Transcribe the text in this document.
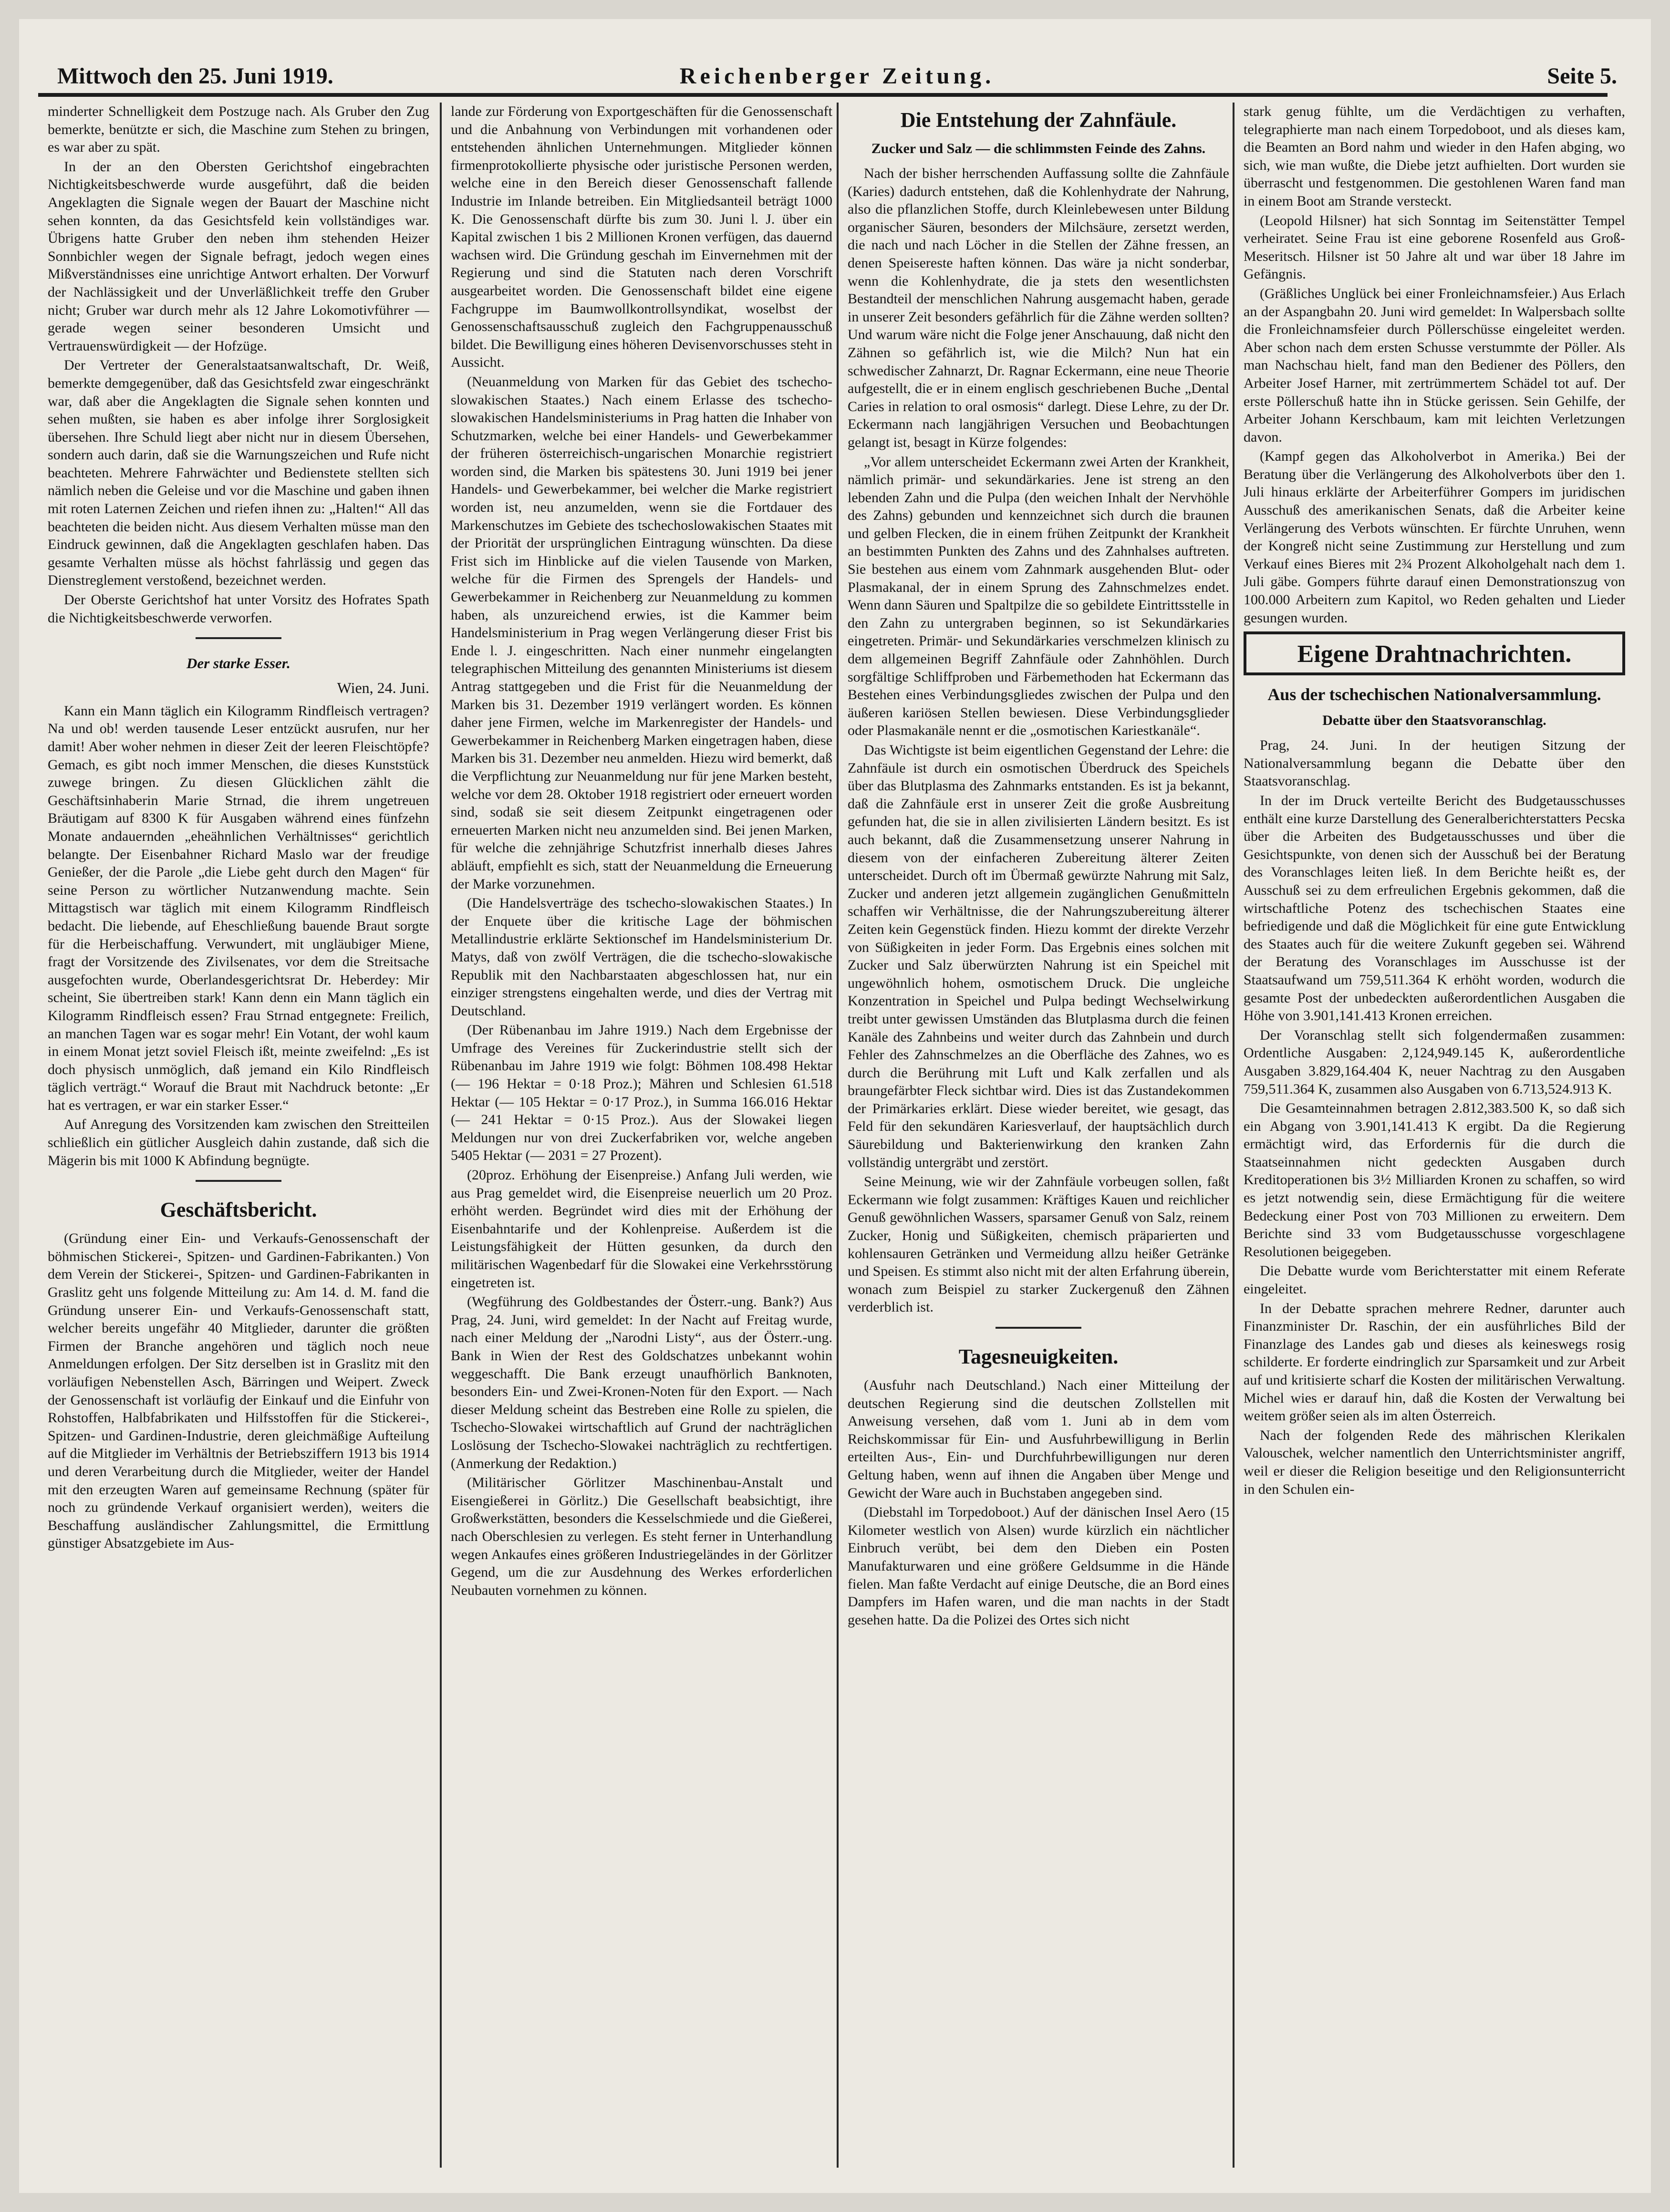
Mittwoch den 25. Juni 1919.	Reichenberger Zeitung.	Seite 5.

minderter Schnelligkeit dem Postzuge nach. Als Gruber den Zug bemerkte, benützte er sich, die Maschine zum Stehen zu bringen, es war aber zu spät.

In der an den Obersten Gerichtshof eingebrachten Nichtigkeitsbeschwerde wurde ausgeführt, daß die beiden Angeklagten die Signale wegen der Bauart der Maschine nicht sehen konnten, da das Gesichtsfeld kein vollständiges war. Übrigens hatte Gruber den neben ihm stehenden Heizer Sonnbichler wegen der Signale befragt, jedoch wegen eines Mißverständnisses eine unrichtige Antwort erhalten. Der Vorwurf der Nachlässigkeit und der Unverläßlichkeit treffe den Gruber nicht; Gruber war durch mehr als 12 Jahre Lokomotivführer — gerade wegen seiner besonderen Umsicht und Vertrauenswürdigkeit — der Hofzüge.

Der Vertreter der Generalstaatsanwaltschaft, Dr. Weiß, bemerkte demgegenüber, daß das Gesichtsfeld zwar eingeschränkt war, daß aber die Angeklagten die Signale sehen konnten und sehen mußten, sie haben es aber infolge ihrer Sorglosigkeit übersehen. Ihre Schuld liegt aber nicht nur in diesem Übersehen, sondern auch darin, daß sie die Warnungszeichen und Rufe nicht beachteten. Mehrere Fahrwächter und Bedienstete stellten sich nämlich neben die Geleise und vor die Maschine und gaben ihnen mit roten Laternen Zeichen und riefen ihnen zu: „Halten!“ All das beachteten die beiden nicht. Aus diesem Verhalten müsse man den Eindruck gewinnen, daß die Angeklagten geschlafen haben. Das gesamte Verhalten müsse als höchst fahrlässig und gegen das Dienstreglement verstoßend, bezeichnet werden.

Der Oberste Gerichtshof hat unter Vorsitz des Hofrates Spath die Nichtigkeitsbeschwerde verworfen.

Der starke Esser.
Wien, 24. Juni.

Kann ein Mann täglich ein Kilogramm Rindfleisch vertragen? Na und ob! werden tausende Leser entzückt ausrufen, nur her damit! Aber woher nehmen in dieser Zeit der leeren Fleischtöpfe? Gemach, es gibt noch immer Menschen, die dieses Kunststück zuwege bringen. Zu diesen Glücklichen zählt die Geschäftsinhaberin Marie Strnad, die ihrem ungetreuen Bräutigam auf 8300 K für Ausgaben während eines fünfzehn Monate andauernden „eheähnlichen Verhältnisses“ gerichtlich belangte. Der Eisenbahner Richard Maslo war der freudige Genießer, der die Parole „die Liebe geht durch den Magen“ für seine Person zu wörtlicher Nutzanwendung machte. Sein Mittagstisch war täglich mit einem Kilogramm Rindfleisch bedacht. Die liebende, auf Eheschließung bauende Braut sorgte für die Herbeischaffung. Verwundert, mit ungläubiger Miene, fragt der Vorsitzende des Zivilsenates, vor dem die Streitsache ausgefochten wurde, Oberlandesgerichtsrat Dr. Heberdey: Mir scheint, Sie übertreiben stark! Kann denn ein Mann täglich ein Kilogramm Rindfleisch essen? Frau Strnad entgegnete: Freilich, an manchen Tagen war es sogar mehr! Ein Votant, der wohl kaum in einem Monat jetzt soviel Fleisch ißt, meinte zweifelnd: „Es ist doch physisch unmöglich, daß jemand ein Kilo Rindfleisch täglich verträgt.“ Worauf die Braut mit Nachdruck betonte: „Er hat es vertragen, er war ein starker Esser.“

Auf Anregung des Vorsitzenden kam zwischen den Streitteilen schließlich ein gütlicher Ausgleich dahin zustande, daß sich die Mägerin bis mit 1000 K Abfindung begnügte.

Geschäftsbericht.

(Gründung einer Ein- und Verkaufs-Genossenschaft der böhmischen Stickerei-, Spitzen- und Gardinen-Fabrikanten.) Von dem Verein der Stickerei-, Spitzen- und Gardinen-Fabrikanten in Graslitz geht uns folgende Mitteilung zu: Am 14. d. M. fand die Gründung unserer Ein- und Verkaufs-Genossenschaft statt, welcher bereits ungefähr 40 Mitglieder, darunter die größten Firmen der Branche angehören und täglich noch neue Anmeldungen erfolgen. Der Sitz derselben ist in Graslitz mit den vorläufigen Nebenstellen Asch, Bärringen und Weipert. Zweck der Genossenschaft ist vorläufig der Einkauf und die Einfuhr von Rohstoffen, Halbfabrikaten und Hilfsstoffen für die Stickerei-, Spitzen- und Gardinen-Industrie, deren gleichmäßige Aufteilung auf die Mitglieder im Verhältnis der Betriebsziffern 1913 bis 1914 und deren Verarbeitung durch die Mitglieder, weiter der Handel mit den erzeugten Waren auf gemeinsame Rechnung (später für noch zu gründende Verkauf organisiert werden), weiters die Beschaffung ausländischer Zahlungsmittel, die Ermittlung günstiger Absatzgebiete im Aus-

lande zur Förderung von Exportgeschäften für die Genossenschaft und die Anbahnung von Verbindungen mit vorhandenen oder entstehenden ähnlichen Unternehmungen. Mitglieder können firmenprotokollierte physische oder juristische Personen werden, welche eine in den Bereich dieser Genossenschaft fallende Industrie im Inlande betreiben. Ein Mitgliedsanteil beträgt 1000 K. Die Genossenschaft dürfte bis zum 30. Juni l. J. über ein Kapital zwischen 1 bis 2 Millionen Kronen verfügen, das dauernd wachsen wird. Die Gründung geschah im Einvernehmen mit der Regierung und sind die Statuten nach deren Vorschrift ausgearbeitet worden. Die Genossenschaft bildet eine eigene Fachgruppe im Baumwollkontrollsyndikat, woselbst der Genossenschaftsausschuß zugleich den Fachgruppenausschuß bildet. Die Bewilligung eines höheren Devisenvorschusses steht in Aussicht.

(Neuanmeldung von Marken für das Gebiet des tschecho-slowakischen Staates.) Nach einem Erlasse des tschecho-slowakischen Handelsministeriums in Prag hatten die Inhaber von Schutzmarken, welche bei einer Handels- und Gewerbekammer der früheren österreichisch-ungarischen Monarchie registriert worden sind, die Marken bis spätestens 30. Juni 1919 bei jener Handels- und Gewerbekammer, bei welcher die Marke registriert worden ist, neu anzumelden, wenn sie die Fortdauer des Markenschutzes im Gebiete des tschechoslowakischen Staates mit der Priorität der ursprünglichen Eintragung wünschten. Da diese Frist sich im Hinblicke auf die vielen Tausende von Marken, welche für die Firmen des Sprengels der Handels- und Gewerbekammer in Reichenberg zur Neuanmeldung zu kommen haben, als unzureichend erwies, ist die Kammer beim Handelsministerium in Prag wegen Verlängerung dieser Frist bis Ende l. J. eingeschritten. Nach einer nunmehr eingelangten telegraphischen Mitteilung des genannten Ministeriums ist diesem Antrag stattgegeben und die Frist für die Neuanmeldung der Marken bis 31. Dezember 1919 verlängert worden. Es können daher jene Firmen, welche im Markenregister der Handels- und Gewerbekammer in Reichenberg Marken eingetragen haben, diese Marken bis 31. Dezember neu anmelden. Hiezu wird bemerkt, daß die Verpflichtung zur Neuanmeldung nur für jene Marken besteht, welche vor dem 28. Oktober 1918 registriert oder erneuert worden sind, sodaß sie seit diesem Zeitpunkt eingetragenen oder erneuerten Marken nicht neu anzumelden sind. Bei jenen Marken, für welche die zehnjährige Schutzfrist innerhalb dieses Jahres abläuft, empfiehlt es sich, statt der Neuanmeldung die Erneuerung der Marke vorzunehmen.

(Die Handelsverträge des tschecho-slowakischen Staates.) In der Enquete über die kritische Lage der böhmischen Metallindustrie erklärte Sektionschef im Handelsministerium Dr. Matys, daß von zwölf Verträgen, die die tschecho-slowakische Republik mit den Nachbarstaaten abgeschlossen hat, nur ein einziger strengstens eingehalten werde, und dies der Vertrag mit Deutschland.

(Der Rübenanbau im Jahre 1919.) Nach dem Ergebnisse der Umfrage des Vereines für Zuckerindustrie stellt sich der Rübenanbau im Jahre 1919 wie folgt: Böhmen 108.498 Hektar (— 196 Hektar = 0·18 Proz.); Mähren und Schlesien 61.518 Hektar (— 105 Hektar = 0·17 Proz.), in Summa 166.016 Hektar (— 241 Hektar = 0·15 Proz.). Aus der Slowakei liegen Meldungen nur von drei Zuckerfabriken vor, welche angeben 5405 Hektar (— 2031 = 27 Prozent).

(20proz. Erhöhung der Eisenpreise.) Anfang Juli werden, wie aus Prag gemeldet wird, die Eisenpreise neuerlich um 20 Proz. erhöht werden. Begründet wird dies mit der Erhöhung der Eisenbahntarife und der Kohlenpreise. Außerdem ist die Leistungsfähigkeit der Hütten gesunken, da durch den militärischen Wagenbedarf für die Slowakei eine Verkehrsstörung eingetreten ist.

(Wegführung des Goldbestandes der Österr.-ung. Bank?) Aus Prag, 24. Juni, wird gemeldet: In der Nacht auf Freitag wurde, nach einer Meldung der „Narodni Listy“, aus der Österr.-ung. Bank in Wien der Rest des Goldschatzes unbekannt wohin weggeschafft. Die Bank erzeugt unaufhörlich Banknoten, besonders Ein- und Zwei-Kronen-Noten für den Export. — Nach dieser Meldung scheint das Bestreben eine Rolle zu spielen, die Tschecho-Slowakei wirtschaftlich auf Grund der nachträglichen Loslösung der Tschecho-Slowakei nachträglich zu rechtfertigen. (Anmerkung der Redaktion.)

(Militärischer Görlitzer Maschinenbau-Anstalt und Eisengießerei in Görlitz.) Die Gesellschaft beabsichtigt, ihre Großwerkstätten, besonders die Kesselschmiede und die Gießerei, nach Oberschlesien zu verlegen. Es steht ferner in Unterhandlung wegen Ankaufes eines größeren Industriegeländes in der Görlitzer Gegend, um die zur Ausdehnung des Werkes erforderlichen Neubauten vornehmen zu können.

Die Entstehung der Zahnfäule.
Zucker und Salz — die schlimmsten Feinde des Zahns.

Nach der bisher herrschenden Auffassung sollte die Zahnfäule (Karies) dadurch entstehen, daß die Kohlenhydrate der Nahrung, also die pflanzlichen Stoffe, durch Kleinlebewesen unter Bildung organischer Säuren, besonders der Milchsäure, zersetzt werden, die nach und nach Löcher in die Stellen der Zähne fressen, an denen Speisereste haften können. Das wäre ja nicht sonderbar, wenn die Kohlenhydrate, die ja stets den wesentlichsten Bestandteil der menschlichen Nahrung ausgemacht haben, gerade in unserer Zeit besonders gefährlich für die Zähne werden sollten? Und warum wäre nicht die Folge jener Anschauung, daß nicht den Zähnen so gefährlich ist, wie die Milch? Nun hat ein schwedischer Zahnarzt, Dr. Ragnar Eckermann, eine neue Theorie aufgestellt, die er in einem englisch geschriebenen Buche „Dental Caries in relation to oral osmosis“ darlegt. Diese Lehre, zu der Dr. Eckermann nach langjährigen Versuchen und Beobachtungen gelangt ist, besagt in Kürze folgendes:

„Vor allem unterscheidet Eckermann zwei Arten der Krankheit, nämlich primär- und sekundärkaries. Jene ist streng an den lebenden Zahn und die Pulpa (den weichen Inhalt der Nervhöhle des Zahns) gebunden und kennzeichnet sich durch die braunen und gelben Flecken, die in einem frühen Zeitpunkt der Krankheit an bestimmten Punkten des Zahns und des Zahnhalses auftreten. Sie bestehen aus einem vom Zahnmark ausgehenden Blut- oder Plasmakanal, der in einem Sprung des Zahnschmelzes endet. Wenn dann Säuren und Spaltpilze die so gebildete Eintrittsstelle in den Zahn zu untergraben beginnen, so ist Sekundärkaries eingetreten. Primär- und Sekundärkaries verschmelzen klinisch zu dem allgemeinen Begriff Zahnfäule oder Zahnhöhlen. Durch sorgfältige Schliffproben und Färbemethoden hat Eckermann das Bestehen eines Verbindungsgliedes zwischen der Pulpa und den äußeren kariösen Stellen bewiesen. Diese Verbindungsglieder oder Plasmakanäle nennt er die „osmotischen Kariestkanäle“.

Das Wichtigste ist beim eigentlichen Gegenstand der Lehre: die Zahnfäule ist durch ein osmotischen Überdruck des Speichels über das Blutplasma des Zahnmarks entstanden. Es ist ja bekannt, daß die Zahnfäule erst in unserer Zeit die große Ausbreitung gefunden hat, die sie in allen zivilisierten Ländern besitzt. Es ist auch bekannt, daß die Zusammensetzung unserer Nahrung in diesem von der einfacheren Zubereitung älterer Zeiten unterscheidet. Durch oft im Übermaß gewürzte Nahrung mit Salz, Zucker und anderen jetzt allgemein zugänglichen Genußmitteln schaffen wir Verhältnisse, die der Nahrungszubereitung älterer Zeiten kein Gegenstück finden. Hiezu kommt der direkte Verzehr von Süßigkeiten in jeder Form. Das Ergebnis eines solchen mit Zucker und Salz überwürzten Nahrung ist ein Speichel mit ungewöhnlich hohem, osmotischem Druck. Die ungleiche Konzentration in Speichel und Pulpa bedingt Wechselwirkung treibt unter gewissen Umständen das Blutplasma durch die feinen Kanäle des Zahnbeins und weiter durch das Zahnbein und durch Fehler des Zahnschmelzes an die Oberfläche des Zahnes, wo es durch die Berührung mit Luft und Kalk zerfallen und als braungefärbter Fleck sichtbar wird. Dies ist das Zustandekommen der Primärkaries erklärt. Diese wieder bereitet, wie gesagt, das Feld für den sekundären Kariesverlauf, der hauptsächlich durch Säurebildung und Bakterienwirkung den kranken Zahn vollständig untergräbt und zerstört.

Seine Meinung, wie wir der Zahnfäule vorbeugen sollen, faßt Eckermann wie folgt zusammen: Kräftiges Kauen und reichlicher Genuß gewöhnlichen Wassers, sparsamer Genuß von Salz, reinem Zucker, Honig und Süßigkeiten, chemisch präparierten und kohlensauren Getränken und Vermeidung allzu heißer Getränke und Speisen. Es stimmt also nicht mit der alten Erfahrung überein, wonach zum Beispiel zu starker Zuckergenuß den Zähnen verderblich ist.

Tagesneuigkeiten.

(Ausfuhr nach Deutschland.) Nach einer Mitteilung der deutschen Regierung sind die deutschen Zollstellen mit Anweisung versehen, daß vom 1. Juni ab in dem vom Reichskommissar für Ein- und Ausfuhrbewilligung in Berlin erteilten Aus-, Ein- und Durchfuhrbewilligungen nur deren Geltung haben, wenn auf ihnen die Angaben über Menge und Gewicht der Ware auch in Buchstaben angegeben sind.

(Diebstahl im Torpedoboot.) Auf der dänischen Insel Aero (15 Kilometer westlich von Alsen) wurde kürzlich ein nächtlicher Einbruch verübt, bei dem den Dieben ein Posten Manufakturwaren und eine größere Geldsumme in die Hände fielen. Man faßte Verdacht auf einige Deutsche, die an Bord eines Dampfers im Hafen waren, und die man nachts in der Stadt gesehen hatte. Da die Polizei des Ortes sich nicht

stark genug fühlte, um die Verdächtigen zu verhaften, telegraphierte man nach einem Torpedoboot, und als dieses kam, die Beamten an Bord nahm und wieder in den Hafen abging, wo sich, wie man wußte, die Diebe jetzt aufhielten. Dort wurden sie überrascht und festgenommen. Die gestohlenen Waren fand man in einem Boot am Strande versteckt.

(Leopold Hilsner) hat sich Sonntag im Seitenstätter Tempel verheiratet. Seine Frau ist eine geborene Rosenfeld aus Groß-Meseritsch. Hilsner ist 50 Jahre alt und war über 18 Jahre im Gefängnis.

(Gräßliches Unglück bei einer Fronleichnamsfeier.) Aus Erlach an der Aspangbahn 20. Juni wird gemeldet: In Walpersbach sollte die Fronleichnamsfeier durch Pöllerschüsse eingeleitet werden. Aber schon nach dem ersten Schusse verstummte der Pöller. Als man Nachschau hielt, fand man den Bediener des Pöllers, den Arbeiter Josef Harner, mit zertrümmertem Schädel tot auf. Der erste Pöllerschuß hatte ihn in Stücke gerissen. Sein Gehilfe, der Arbeiter Johann Kerschbaum, kam mit leichten Verletzungen davon.

(Kampf gegen das Alkoholverbot in Amerika.) Bei der Beratung über die Verlängerung des Alkoholverbots über den 1. Juli hinaus erklärte der Arbeiterführer Gompers im juridischen Ausschuß des amerikanischen Senats, daß die Arbeiter keine Verlängerung des Verbots wünschten. Er fürchte Unruhen, wenn der Kongreß nicht seine Zustimmung zur Herstellung und zum Verkauf eines Bieres mit 2¾ Prozent Alkoholgehalt nach dem 1. Juli gäbe. Gompers führte darauf einen Demonstrationszug von 100.000 Arbeitern zum Kapitol, wo Reden gehalten und Lieder gesungen wurden.

Eigene Drahtnachrichten.
Aus der tschechischen Nationalversammlung.
Debatte über den Staatsvoranschlag.

Prag, 24. Juni. In der heutigen Sitzung der Nationalversammlung begann die Debatte über den Staatsvoranschlag.

In der im Druck verteilte Bericht des Budgetausschusses enthält eine kurze Darstellung des Generalberichterstatters Pecska über die Arbeiten des Budgetausschusses und über die Gesichtspunkte, von denen sich der Ausschuß bei der Beratung des Voranschlages leiten ließ. In dem Berichte heißt es, der Ausschuß sei zu dem erfreulichen Ergebnis gekommen, daß die wirtschaftliche Potenz des tschechischen Staates eine befriedigende und daß die Möglichkeit für eine gute Entwicklung des Staates auch für die weitere Zukunft gegeben sei. Während der Beratung des Voranschlages im Ausschusse ist der Staatsaufwand um 759,511.364 K erhöht worden, wodurch die gesamte Post der unbedeckten außerordentlichen Ausgaben die Höhe von 3.901,141.413 Kronen erreichen.

Der Voranschlag stellt sich folgendermaßen zusammen: Ordentliche Ausgaben: 2,124,949.145 K, außerordentliche Ausgaben 3.829,164.404 K, neuer Nachtrag zu den Ausgaben 759,511.364 K, zusammen also Ausgaben von 6.713,524.913 K.

Die Gesamteinnahmen betragen 2.812,383.500 K, so daß sich ein Abgang von 3.901,141.413 K ergibt. Da die Regierung ermächtigt wird, das Erfordernis für die durch die Staatseinnahmen nicht gedeckten Ausgaben durch Kreditoperationen bis 3½ Milliarden Kronen zu schaffen, so wird es jetzt notwendig sein, diese Ermächtigung für die weitere Bedeckung einer Post von 703 Millionen zu erweitern. Dem Berichte sind 33 vom Budgetausschusse vorgeschlagene Resolutionen beigegeben.

Die Debatte wurde vom Berichterstatter mit einem Referate eingeleitet.

In der Debatte sprachen mehrere Redner, darunter auch Finanzminister Dr. Raschin, der ein ausführliches Bild der Finanzlage des Landes gab und dieses als keineswegs rosig schilderte. Er forderte eindringlich zur Sparsamkeit und zur Arbeit auf und kritisierte scharf die Kosten der militärischen Verwaltung. Michel wies er darauf hin, daß die Kosten der Verwaltung bei weitem größer seien als im alten Österreich.

Nach der folgenden Rede des mährischen Klerikalen Valouschek, welcher namentlich den Unterrichtsminister angriff, weil er dieser die Religion beseitige und den Religionsunterricht in den Schulen ein-
